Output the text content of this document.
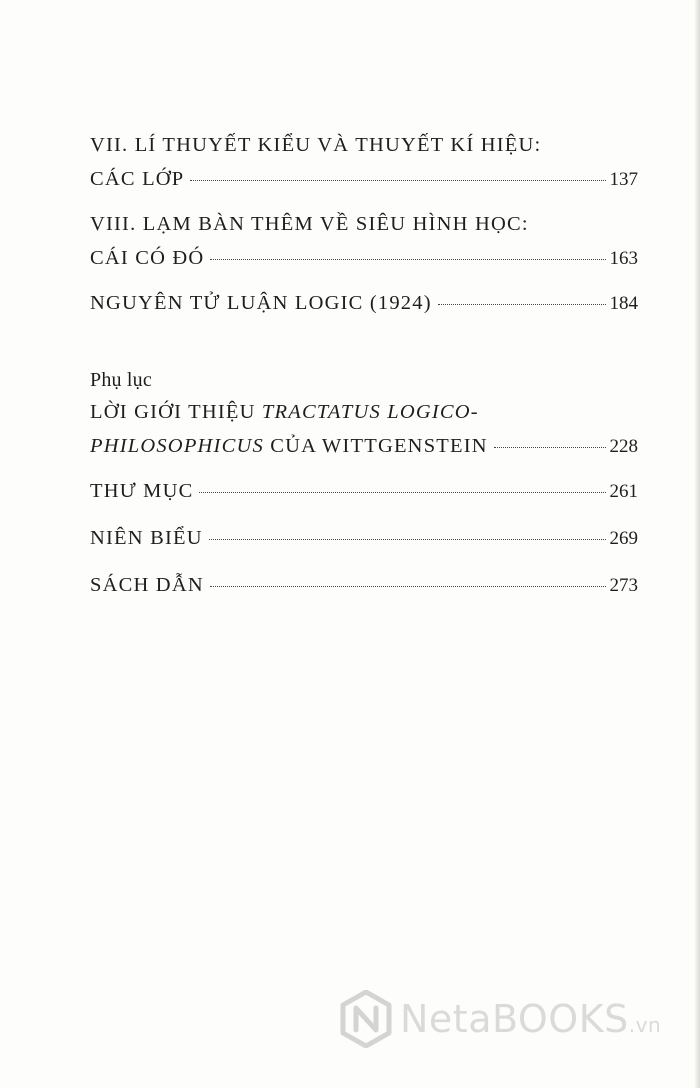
VII. LÍ THUYẾT KIỂU VÀ THUYẾT KÍ HIỆU:
CÁC LỚP	137
VIII. LẠM BÀN THÊM VỀ SIÊU HÌNH HỌC:
CÁI CÓ ĐÓ	163
NGUYÊN TỬ LUẬN LOGIC (1924)	184
Phụ lục
LỜI GIỚI THIỆU TRACTATUS LOGICO-
PHILOSOPHICUS CỦA WITTGENSTEIN	228
THƯ MỤC	261
NIÊN BIỂU	269
SÁCH DẪN	273
NetaBOOKS.vn
